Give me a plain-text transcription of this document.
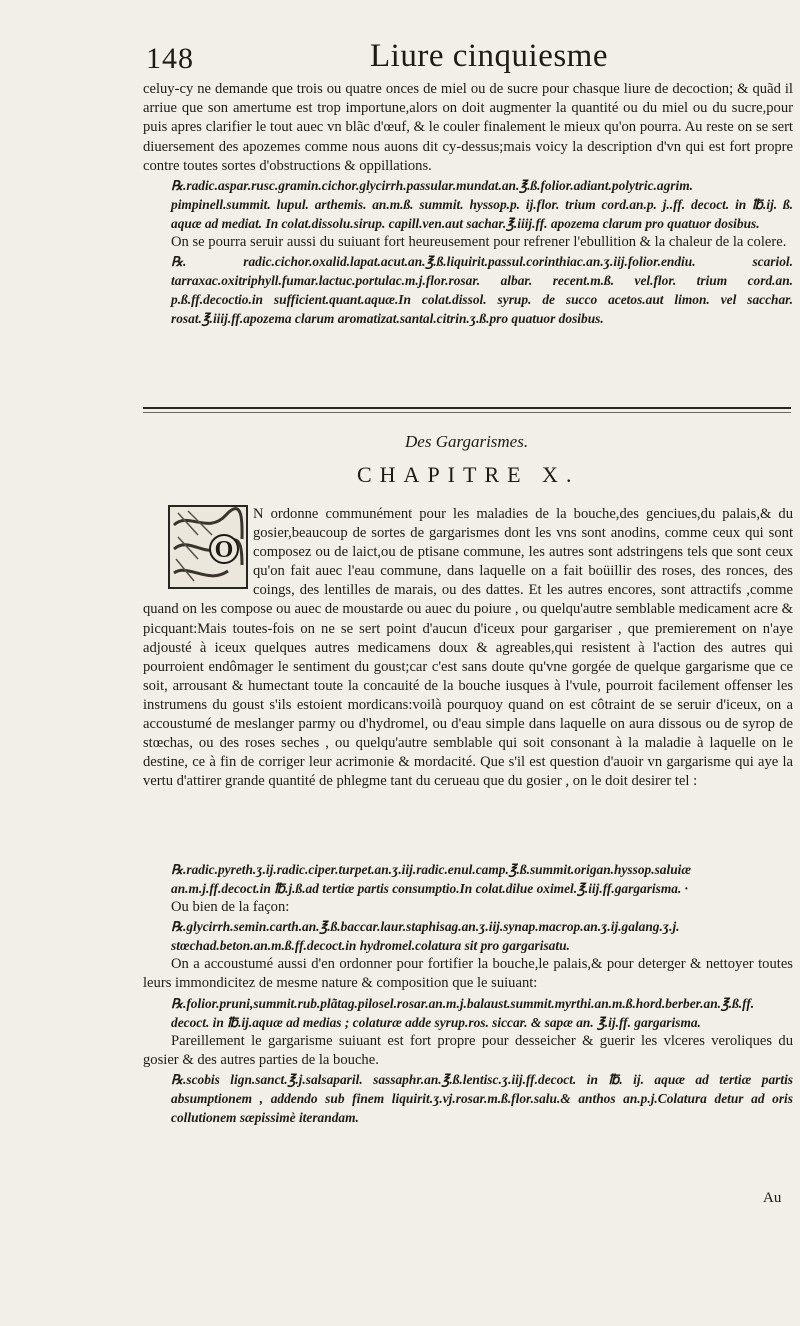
148	Liure cinquiesme

celuy-cy ne demande que trois ou quatre onces de miel ou de sucre pour chasque liure de decoction; & quãd il arriue que son amertume est trop importune,alors on doit augmenter la quantité ou du miel ou du sucre,pour puis apres clarifier le tout auec vn blãc d'œuf, & le couler finalement le mieux qu'on pourra. Au reste on se sert diuersement des apozemes comme nous auons dit cy-dessus;mais voicy la description d'vn qui est fort propre contre toutes sortes d'obstructions & oppillations.

℞.radic.aspar.rusc.gramin.cichor.glycirrh.passular.mundat.an.℥.ß.folior.adiant.polytric.agrim. pimpinell.summit. lupul. arthemis. an.m.ß. summit. hyssop.p. ij.flor. trium cord.an.p. j..ff. decoct. in ℔.ij. ß. aquæ ad mediat. In colat.dissolu.sirup. capill.ven.aut sachar.℥.iiij.ff. apozema clarum pro quatuor dosibus.

On se pourra seruir aussi du suiuant fort heureusement pour refrener l'ebullition & la chaleur de la colere.

℞. radic.cichor.oxalid.lapat.acut.an.℥.ß.liquirit.passul.corinthiac.an.ʒ.iij.folior.endiu. scariol. tarraxac.oxitriphyll.fumar.lactuc.portulac.m.j.flor.rosar. albar. recent.m.ß. vel.flor. trium cord.an. p.ß.ff.decoctio.in sufficient.quant.aquæ.In colat.dissol. syrup. de succo acetos.aut limon. vel sacchar. rosat.℥.iiij.ff.apozema clarum aromatizat.santal.citrin.ʒ.ß.pro quatuor dosibus.

Des Gargarismes.
CHAPITRE X.
O

N ordonne communément pour les maladies de la bouche,des genciues,du palais,& du gosier,beaucoup de sortes de gargarismes dont les vns sont anodins, comme ceux qui sont composez ou de laict,ou de ptisane commune, les autres sont adstringens tels que sont ceux qu'on fait auec l'eau commune, dans laquelle on a fait boüillir des roses, des ronces, des coings, des lentilles de marais, ou des dattes. Et les autres encores, sont attractifs ,comme quand on les compose ou auec de moustarde ou auec du poiure , ou quelqu'autre semblable medicament acre & picquant:Mais toutes-fois on ne se sert point d'aucun d'iceux pour gargariser , que premierement on n'aye adjousté à iceux quelques autres medicamens doux & agreables,qui resistent à l'action des autres qui pourroient endômager le sentiment du goust;car c'est sans doute qu'vne gorgée de quelque gargarisme que ce soit, arrousant & humectant toute la concauité de la bouche iusques à l'vule, pourroit facilement offenser les instrumens du goust s'ils estoient mordicans:voilà pourquoy quand on est côtraint de se seruir d'iceux, on a accoustumé de meslanger parmy ou d'hydromel, ou d'eau simple dans laquelle on aura dissous ou de syrop de stœchas, ou des roses seches , ou quelqu'autre semblable qui soit consonant à la maladie à laquelle on le destine, ce à fin de corriger leur acrimonie & mordacité. Que s'il est question d'auoir vn gargarisme qui aye la vertu d'attirer grande quantité de phlegme tant du cerueau que du gosier , on le doit desirer tel :

℞.radic.pyreth.ʒ.ij.radic.ciper.turpet.an.ʒ.iij.radic.enul.camp.℥.ß.summit.origan.hyssop.saluiæ an.m.j.ff.decoct.in ℔.j.ß.ad tertiæ partis consumptio.In colat.dilue oximel.℥.iij.ff.gargarisma. ·

Ou bien de la façon:

℞.glycirrh.semin.carth.an.℥.ß.baccar.laur.staphisag.an.ʒ.iij.synap.macrop.an.ʒ.ij.galang.ʒ.j. stœchad.beton.an.m.ß.ff.decoct.in hydromel.colatura sit pro gargarisatu.

On a accoustumé aussi d'en ordonner pour fortifier la bouche,le palais,& pour deterger & nettoyer toutes leurs immondicitez de mesme nature & composition que le suiuant:

℞.folior.pruni,summit.rub.plãtag.pilosel.rosar.an.m.j.balaust.summit.myrthi.an.m.ß.hord.berber.an.℥.ß.ff. decoct. in ℔.ij.aquæ ad medias ; colaturæ adde syrup.ros. siccar. & sapæ an. ℥.ij.ff. gargarisma.

Pareillement le gargarisme suiuant est fort propre pour desseicher & guerir les vlceres veroliques du gosier & des autres parties de la bouche.

℞.scobis lign.sanct.℥.j.salsaparil. sassaphr.an.℥.ß.lentisc.ʒ.iij.ff.decoct. in ℔. ij. aquæ ad tertiæ partis absumptionem , addendo sub finem liquirit.ʒ.vj.rosar.m.ß.flor.salu.& anthos an.p.j.Colatura detur ad oris collutionem sæpissimè iterandam.

Au
